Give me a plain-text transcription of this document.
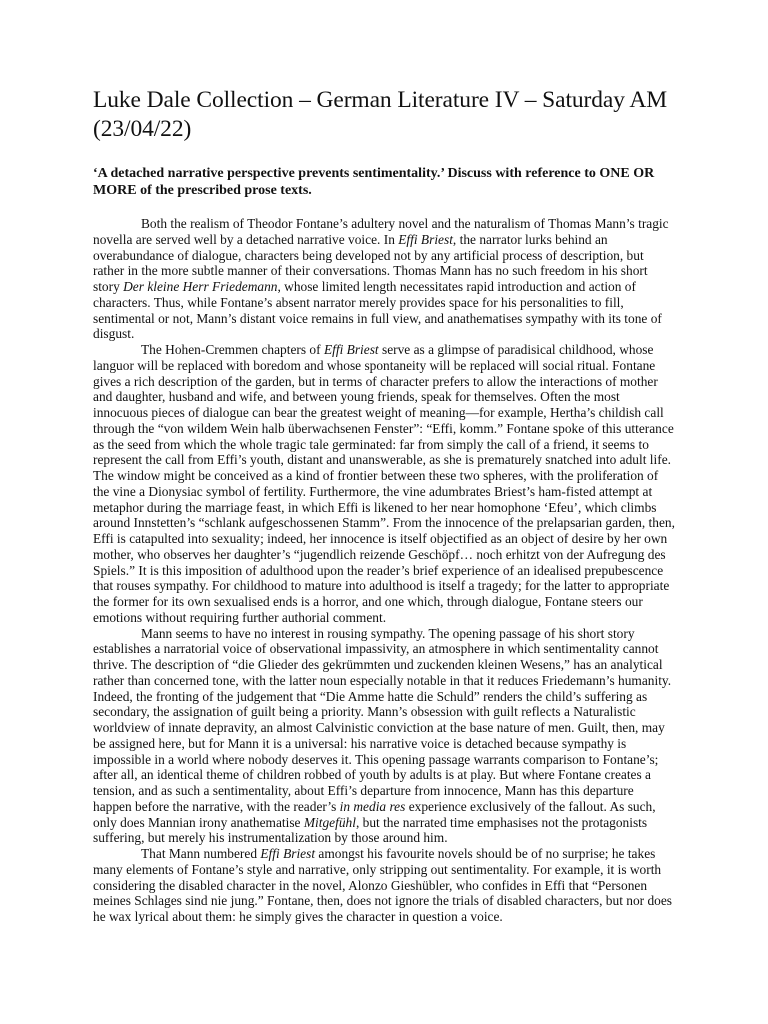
Luke Dale Collection – German Literature IV – Saturday AM (23/04/22)
‘A detached narrative perspective prevents sentimentality.’ Discuss with reference to ONE OR MORE of the prescribed prose texts.

Both the realism of Theodor Fontane’s adultery novel and the naturalism of Thomas Mann’s tragic novella are served well by a detached narrative voice. In Effi Briest, the narrator lurks behind an overabundance of dialogue, characters being developed not by any artificial process of description, but rather in the more subtle manner of their conversations. Thomas Mann has no such freedom in his short story Der kleine Herr Friedemann, whose limited length necessitates rapid introduction and action of characters. Thus, while Fontane’s absent narrator merely provides space for his personalities to fill, sentimental or not, Mann’s distant voice remains in full view, and anathematises sympathy with its tone of disgust.

The Hohen-Cremmen chapters of Effi Briest serve as a glimpse of paradisical childhood, whose languor will be replaced with boredom and whose spontaneity will be replaced will social ritual. Fontane gives a rich description of the garden, but in terms of character prefers to allow the interactions of mother and daughter, husband and wife, and between young friends, speak for themselves. Often the most innocuous pieces of dialogue can bear the greatest weight of meaning—for example, Hertha’s childish call through the “von wildem Wein halb überwachsenen Fenster”: “Effi, komm.” Fontane spoke of this utterance as the seed from which the whole tragic tale germinated: far from simply the call of a friend, it seems to represent the call from Effi’s youth, distant and unanswerable, as she is prematurely snatched into adult life. The window might be conceived as a kind of frontier between these two spheres, with the proliferation of the vine a Dionysiac symbol of fertility. Furthermore, the vine adumbrates Briest’s ham-fisted attempt at metaphor during the marriage feast, in which Effi is likened to her near homophone ‘Efeu’, which climbs around Innstetten’s “schlank aufgeschossenen Stamm”. From the innocence of the prelapsarian garden, then, Effi is catapulted into sexuality; indeed, her innocence is itself objectified as an object of desire by her own mother, who observes her daughter’s “jugendlich reizende Geschöpf… noch erhitzt von der Aufregung des Spiels.” It is this imposition of adulthood upon the reader’s brief experience of an idealised prepubescence that rouses sympathy. For childhood to mature into adulthood is itself a tragedy; for the latter to appropriate the former for its own sexualised ends is a horror, and one which, through dialogue, Fontane steers our emotions without requiring further authorial comment.

Mann seems to have no interest in rousing sympathy. The opening passage of his short story establishes a narratorial voice of observational impassivity, an atmosphere in which sentimentality cannot thrive. The description of “die Glieder des gekrümmten und zuckenden kleinen Wesens,” has an analytical rather than concerned tone, with the latter noun especially notable in that it reduces Friedemann’s humanity. Indeed, the fronting of the judgement that “Die Amme hatte die Schuld” renders the child’s suffering as secondary, the assignation of guilt being a priority. Mann’s obsession with guilt reflects a Naturalistic worldview of innate depravity, an almost Calvinistic conviction at the base nature of men. Guilt, then, may be assigned here, but for Mann it is a universal: his narrative voice is detached because sympathy is impossible in a world where nobody deserves it. This opening passage warrants comparison to Fontane’s; after all, an identical theme of children robbed of youth by adults is at play. But where Fontane creates a tension, and as such a sentimentality, about Effi’s departure from innocence, Mann has this departure happen before the narrative, with the reader’s in media res experience exclusively of the fallout. As such, only does Mannian irony anathematise Mitgefühl, but the narrated time emphasises not the protagonists suffering, but merely his instrumentalization by those around him.

That Mann numbered Effi Briest amongst his favourite novels should be of no surprise; he takes many elements of Fontane’s style and narrative, only stripping out sentimentality. For example, it is worth considering the disabled character in the novel, Alonzo Gieshübler, who confides in Effi that “Personen meines Schlages sind nie jung.” Fontane, then, does not ignore the trials of disabled characters, but nor does he wax lyrical about them: he simply gives the character in question a voice.
